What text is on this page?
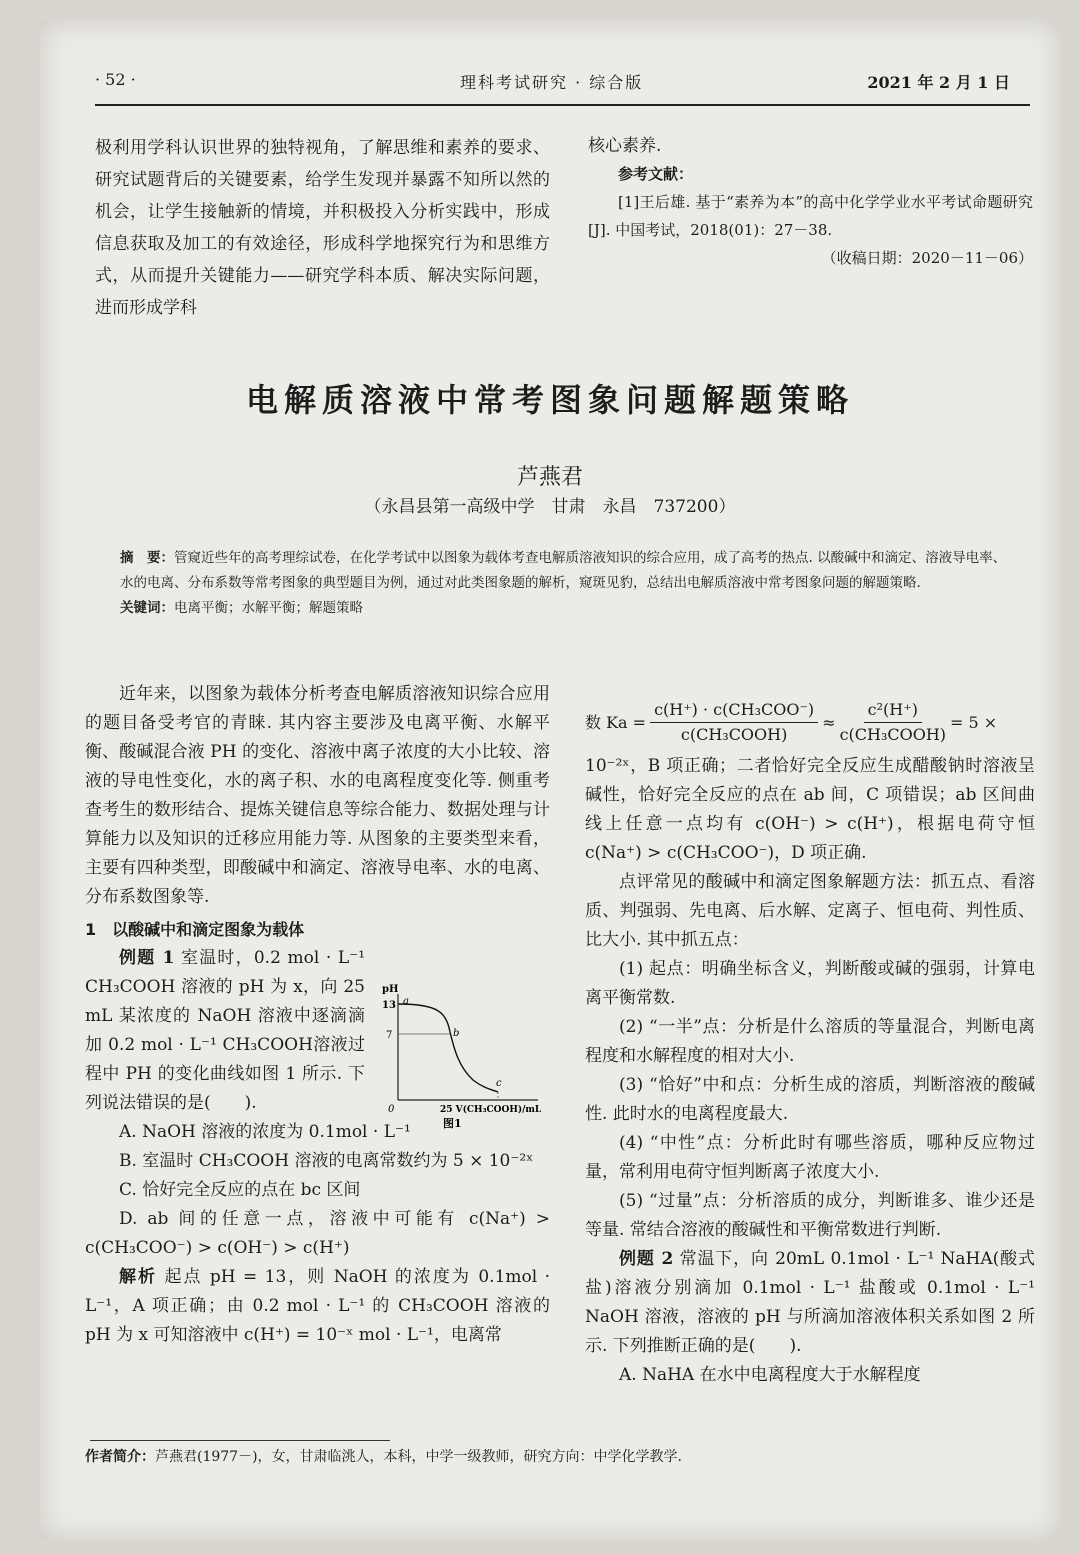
· 52 ·	理科考试研究 · 综合版	2021 年 2 月 1 日

极利用学科认识世界的独特视角，了解思维和素养的要求、研究试题背后的关键要素，给学生发现并暴露不知所以然的机会，让学生接触新的情境，并积极投入分析实践中，形成信息获取及加工的有效途径，形成科学地探究行为和思维方式，从而提升关键能力——研究学科本质、解决实际问题，进而形成学科

核心素养.

参考文献：

[1]王后雄. 基于“素养为本”的高中化学学业水平考试命题研究[J]. 中国考试，2018(01)：27－38.

（收稿日期：2020－11－06）

电解质溶液中常考图象问题解题策略
芦燕君
（永昌县第一高级中学　甘肃　永昌　737200）
摘　要：管窥近些年的高考理综试卷，在化学考试中以图象为载体考查电解质溶液知识的综合应用，成了高考的热点. 以酸碱中和滴定、溶液导电率、水的电离、分布系数等常考图象的典型题目为例，通过对此类图象题的解析，窥斑见豹，总结出电解质溶液中常考图象问题的解题策略.
关键词：电离平衡；水解平衡；解题策略

近年来，以图象为载体分析考查电解质溶液知识综合应用的题目备受考官的青睐. 其内容主要涉及电离平衡、水解平衡、酸碱混合液 PH 的变化、溶液中离子浓度的大小比较、溶液的导电性变化，水的离子积、水的电离程度变化等. 侧重考查考生的数形结合、提炼关键信息等综合能力、数据处理与计算能力以及知识的迁移应用能力等. 从图象的主要类型来看，主要有四种类型，即酸碱中和滴定、溶液导电率、水的电离、分布系数图象等.

1　以酸碱中和滴定图象为载体

例题 1 室温时，0.2 mol · L⁻¹ CH₃COOH 溶液的 pH 为 x，向 25 mL 某浓度的 NaOH 溶液中逐滴滴加 0.2 mol · L⁻¹ CH₃COOH溶液过程中 PH 的变化曲线如图 1 所示. 下列说法错误的是(　　).

A. NaOH 溶液的浓度为 0.1mol · L⁻¹

B. 室温时 CH₃COOH 溶液的电离常数约为 5 × 10⁻²ˣ

C. 恰好完全反应的点在 bc 区间

D. ab 间的任意一点，溶液中可能有 c(Na⁺) > c(CH₃COO⁻) > c(OH⁻) > c(H⁺)

解析 起点 pH = 13，则 NaOH 的浓度为 0.1mol · L⁻¹，A 项正确；由 0.2 mol · L⁻¹ 的 CH₃COOH 溶液的 pH 为 x 可知溶液中 c(H⁺) = 10⁻ˣ mol · L⁻¹，电离常

pH
13
7
0
a
b
c
25 V(CH₃COOH)/mL
图1
数 Ka =
c(H⁺) · c(CH₃COO⁻)
c(CH₃COOH)
≈
c²(H⁺)
c(CH₃COOH)
= 5 ×

10⁻²ˣ，B 项正确；二者恰好完全反应生成醋酸钠时溶液呈碱性，恰好完全反应的点在 ab 间，C 项错误；ab 区间曲线上任意一点均有 c(OH⁻) > c(H⁺)，根据电荷守恒 c(Na⁺) > c(CH₃COO⁻)，D 项正确.

点评常见的酸碱中和滴定图象解题方法：抓五点、看溶质、判强弱、先电离、后水解、定离子、恒电荷、判性质、比大小. 其中抓五点：

(1) 起点：明确坐标含义，判断酸或碱的强弱，计算电离平衡常数.

(2) “一半”点：分析是什么溶质的等量混合，判断电离程度和水解程度的相对大小.

(3) “恰好”中和点：分析生成的溶质，判断溶液的酸碱性. 此时水的电离程度最大.

(4) “中性”点：分析此时有哪些溶质，哪种反应物过量，常利用电荷守恒判断离子浓度大小.

(5) “过量”点：分析溶质的成分，判断谁多、谁少还是等量. 常结合溶液的酸碱性和平衡常数进行判断.

例题 2 常温下，向 20mL 0.1mol · L⁻¹ NaHA(酸式盐)溶液分别滴加 0.1mol · L⁻¹ 盐酸或 0.1mol · L⁻¹ NaOH 溶液，溶液的 pH 与所滴加溶液体积关系如图 2 所示. 下列推断正确的是(　　).

A. NaHA 在水中电离程度大于水解程度

作者简介：芦燕君(1977－)，女，甘肃临洮人，本科，中学一级教师，研究方向：中学化学教学.
